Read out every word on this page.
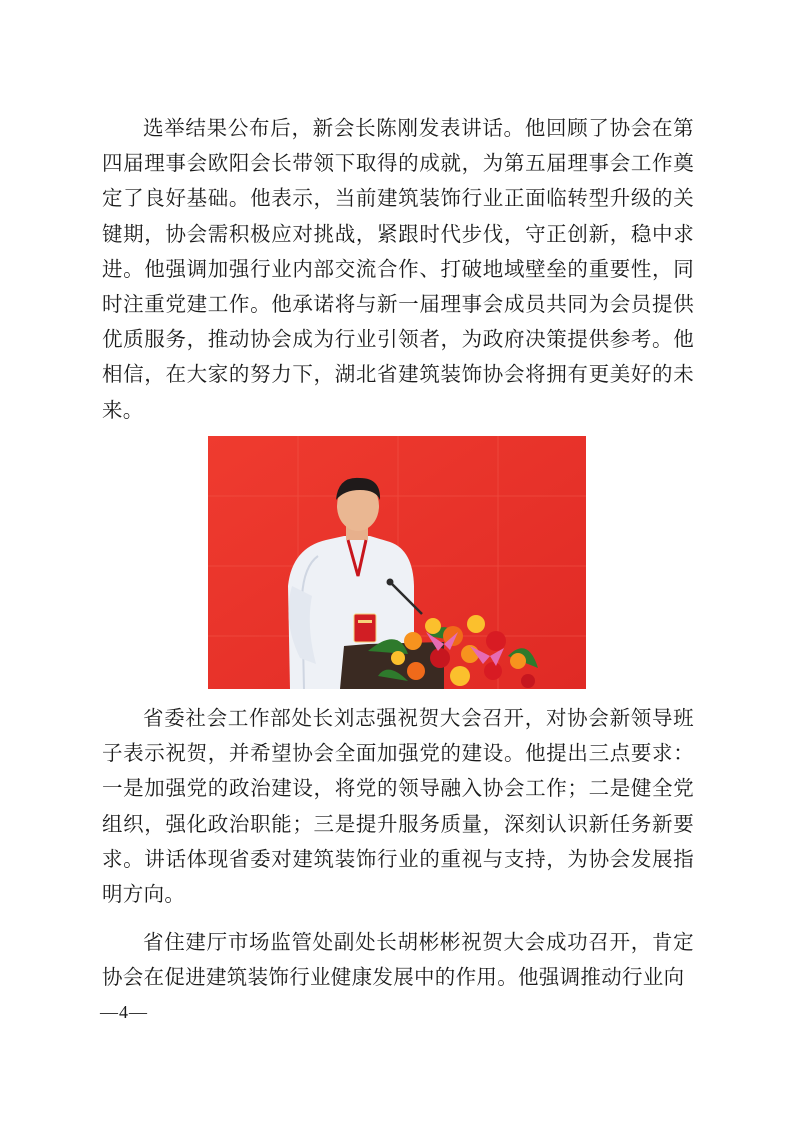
选举结果公布后，新会长陈刚发表讲话。他回顾了协会在第四届理事会欧阳会长带领下取得的成就，为第五届理事会工作奠定了良好基础。他表示，当前建筑装饰行业正面临转型升级的关键期，协会需积极应对挑战，紧跟时代步伐，守正创新，稳中求进。他强调加强行业内部交流合作、打破地域壁垒的重要性，同时注重党建工作。他承诺将与新一届理事会成员共同为会员提供优质服务，推动协会成为行业引领者，为政府决策提供参考。他相信，在大家的努力下，湖北省建筑装饰协会将拥有更美好的未来。

省委社会工作部处长刘志强祝贺大会召开，对协会新领导班子表示祝贺，并希望协会全面加强党的建设。他提出三点要求：一是加强党的政治建设，将党的领导融入协会工作；二是健全党组织，强化政治职能；三是提升服务质量，深刻认识新任务新要求。讲话体现省委对建筑装饰行业的重视与支持，为协会发展指明方向。

省住建厅市场监管处副处长胡彬彬祝贺大会成功召开，肯定协会在促进建筑装饰行业健康发展中的作用。他强调推动行业向

—4—
